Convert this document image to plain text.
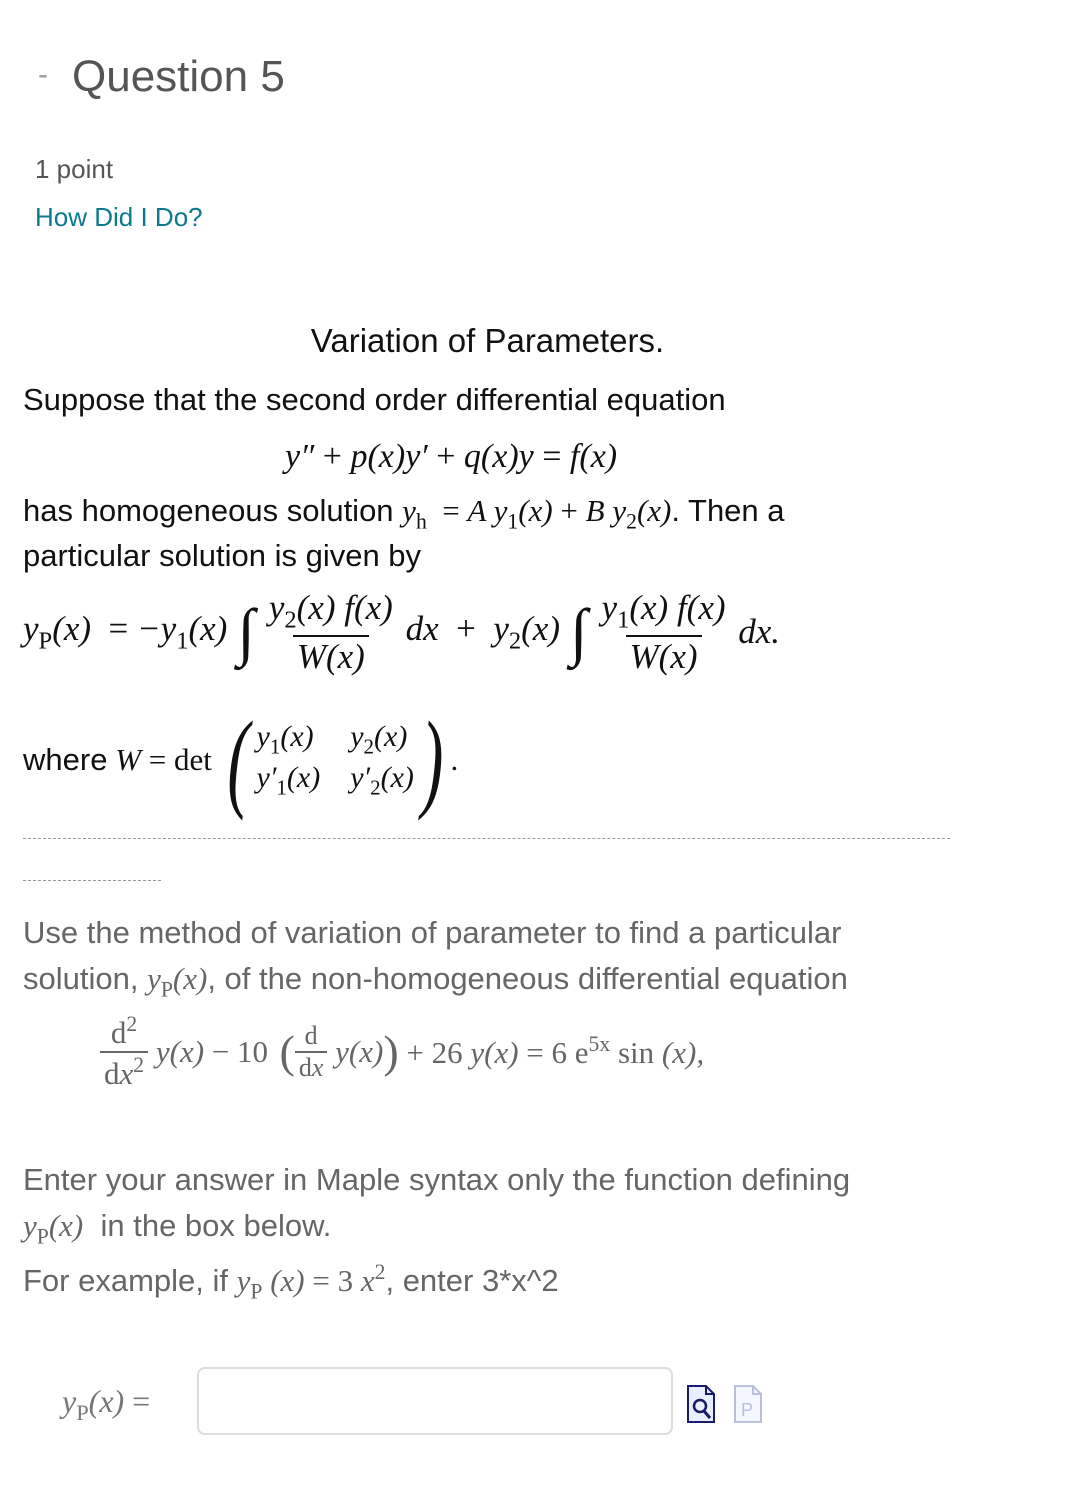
- Question 5
1 point
How Did I Do?
Variation of Parameters.
Suppose that the second order differential equation
y″ + p(x)y′ + q(x)y = f(x)
has homogeneous solution $y_h = A$ $y_1(x) + B$ $y_2(x)$. Then a
particular solution is given by
$y_P(x) = -y_1(x)$ ∫ $\frac{y_2(x) f(x)}{W(x)}$ dx  +  $y_2(x)$ ∫ $\frac{y_1(x) f(x)}{W(x)}$ dx.
where W = det ( $y_1(x)$ $y_2(x)$
$y'_1(x)$ $y'_2(x)$ ) .
Use the method of variation of parameter to find a particular
solution, $y_P(x)$, of the non-homogeneous differential equation
$\frac{d^2}{dx^2} y(x) - 10$ ( $\frac{d}{dx} y(x)$ ) + 26 y(x) = 6 $e^{5x}$ sin (x),
Enter your answer in Maple syntax only the function defining
$y_P(x)$ in the box below.
For example, if $y_P$ (x) = 3 $x^2$, enter 3*x^2
$y_P(x)$ =	P
